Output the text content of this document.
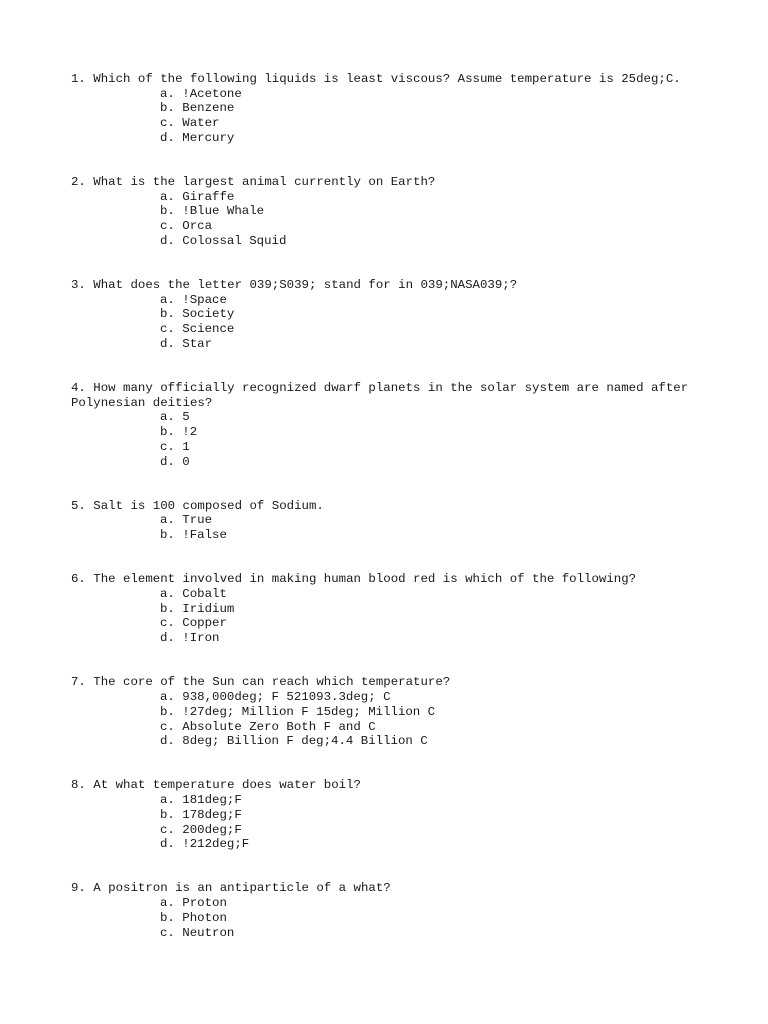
1. Which of the following liquids is least viscous? Assume temperature is 25deg;C.

a. !Acetone

b. Benzene

c. Water

d. Mercury

2. What is the largest animal currently on Earth?

a. Giraffe

b. !Blue Whale

c. Orca

d. Colossal Squid

3. What does the letter 039;S039; stand for in 039;NASA039;?

a. !Space

b. Society

c. Science

d. Star

4. How many officially recognized dwarf planets in the solar system are named after Polynesian deities?

a. 5

b. !2

c. 1

d. 0

5. Salt is 100 composed of Sodium.

a. True

b. !False

6. The element involved in making human blood red is which of the following?

a. Cobalt

b. Iridium

c. Copper

d. !Iron

7. The core of the Sun can reach which temperature?

a. 938,000deg; F 521093.3deg; C

b. !27deg; Million F 15deg; Million C

c. Absolute Zero Both F and C

d. 8deg; Billion F deg;4.4 Billion C

8. At what temperature does water boil?

a. 181deg;F

b. 178deg;F

c. 200deg;F

d. !212deg;F

9. A positron is an antiparticle of a what?

a. Proton

b. Photon

c. Neutron
